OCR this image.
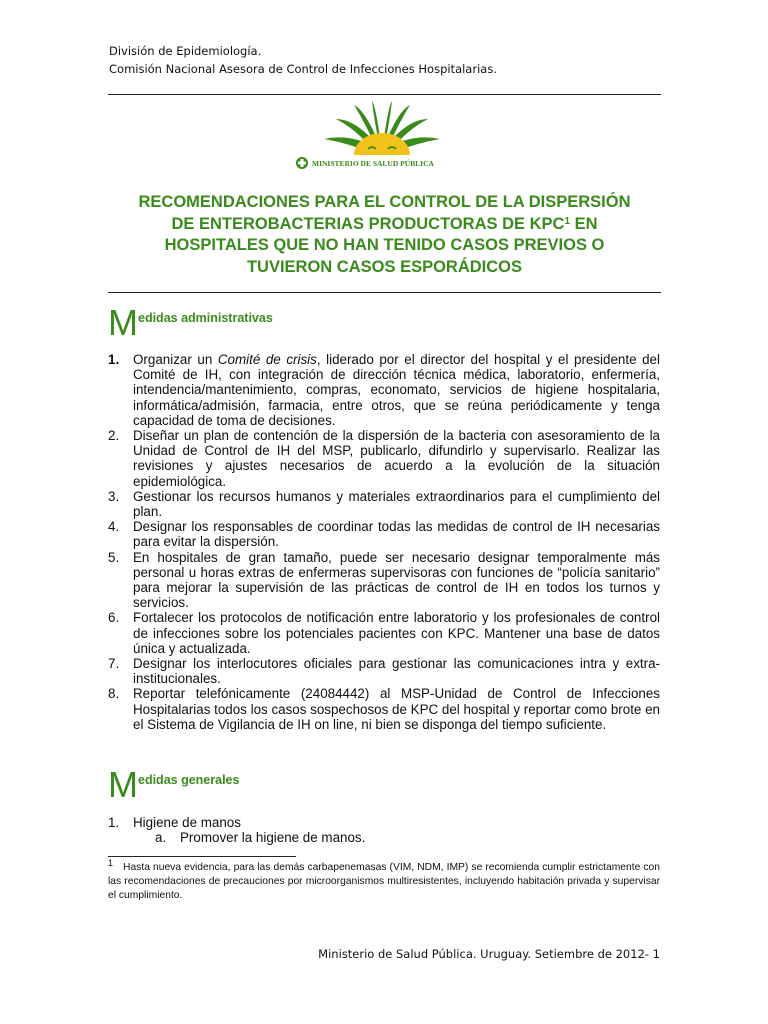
División de Epidemiología.
Comisión Nacional Asesora de Control de Infecciones Hospitalarias.
MINISTERIO DE SALUD PÚBLICA
RECOMENDACIONES PARA EL CONTROL DE LA DISPERSIÓN
DE ENTEROBACTERIAS PRODUCTORAS DE KPC$^1$ EN
HOSPITALES QUE NO HAN TENIDO CASOS PREVIOS O
TUVIERON CASOS ESPORÁDICOS
Medidas administrativas
1.	Organizar un Comité de crisis, liderado por el director del hospital y el presidente del Comité de IH, con integración de dirección técnica médica, laboratorio, enfermería, intendencia/mantenimiento, compras, economato, servicios de higiene hospitalaria, informática/admisión, farmacia, entre otros, que se reúna periódicamente y tenga capacidad de toma de decisiones.
2.	Diseñar un plan de contención de la dispersión de la bacteria con asesoramiento de la Unidad de Control de IH del MSP, publicarlo, difundirlo y supervisarlo. Realizar las revisiones y ajustes necesarios de acuerdo a la evolución de la situación epidemiológica.
3.	Gestionar los recursos humanos y materiales extraordinarios para el cumplimiento del plan.
4.	Designar los responsables de coordinar todas las medidas de control de IH necesarias para evitar la dispersión.
5.	En hospitales de gran tamaño, puede ser necesario designar temporalmente más personal u horas extras de enfermeras supervisoras con funciones de “policía sanitario” para mejorar la supervisión de las prácticas de control de IH en todos los turnos y servicios.
6.	Fortalecer los protocolos de notificación entre laboratorio y los profesionales de control de infecciones sobre los potenciales pacientes con KPC. Mantener una base de datos única y actualizada.
7.	Designar los interlocutores oficiales para gestionar las comunicaciones intra y extra-institucionales.
8.	Reportar telefónicamente (24084442) al MSP-Unidad de Control de Infecciones Hospitalarias todos los casos sospechosos de KPC del hospital y reportar como brote en el Sistema de Vigilancia de IH on line, ni bien se disponga del tiempo suficiente.
Medidas generales
1.	Higiene de manos
a.	Promover la higiene de manos.
$^1$ Hasta nueva evidencia, para las demás carbapenemasas (VIM, NDM, IMP) se recomienda cumplir estrictamente con las recomendaciones de precauciones por microorganismos multiresistentes, incluyendo habitación privada y supervisar el cumplimiento.
Ministerio de Salud Pública. Uruguay. Setiembre de 2012- 1
